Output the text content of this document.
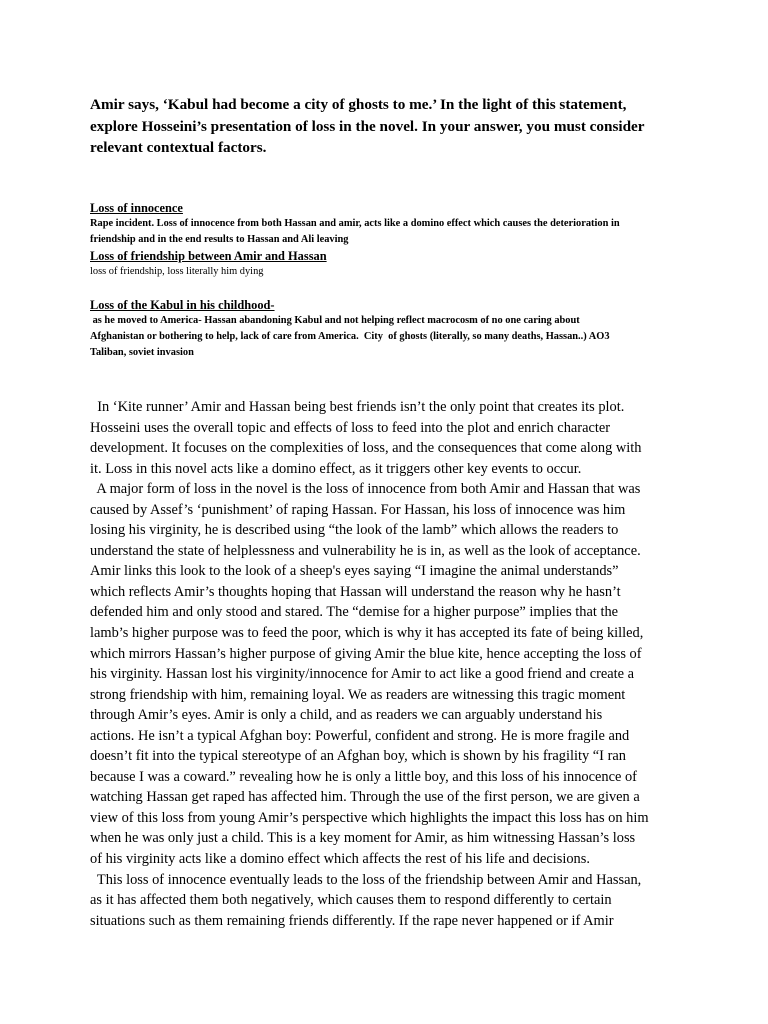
Amir says, ‘Kabul had become a city of ghosts to me.’ In the light of this statement,
explore Hosseini’s presentation of loss in the novel. In your answer, you must consider
relevant contextual factors.

Loss of innocence

Rape incident. Loss of innocence from both Hassan and amir, acts like a domino effect which causes the deterioration in

friendship and in the end results to Hassan and Ali leaving

Loss of friendship between Amir and Hassan

loss of friendship, loss literally him dying

Loss of the Kabul in his childhood-

as he moved to America- Hassan abandoning Kabul and not helping reflect macrocosm of no one caring about

Afghanistan or bothering to help, lack of care from America.  City  of ghosts (literally, so many deaths, Hassan..) AO3

Taliban, soviet invasion

In ‘Kite runner’ Amir and Hassan being best friends isn’t the only point that creates its plot.
Hosseini uses the overall topic and effects of loss to feed into the plot and enrich character
development. It focuses on the complexities of loss, and the consequences that come along with
it. Loss in this novel acts like a domino effect, as it triggers other key events to occur.
A major form of loss in the novel is the loss of innocence from both Amir and Hassan that was
caused by Assef’s ‘punishment’ of raping Hassan. For Hassan, his loss of innocence was him
losing his virginity, he is described using “the look of the lamb” which allows the readers to
understand the state of helplessness and vulnerability he is in, as well as the look of acceptance.
Amir links this look to the look of a sheep's eyes saying “I imagine the animal understands”
which reflects Amir’s thoughts hoping that Hassan will understand the reason why he hasn’t
defended him and only stood and stared. The “demise for a higher purpose” implies that the
lamb’s higher purpose was to feed the poor, which is why it has accepted its fate of being killed,
which mirrors Hassan’s higher purpose of giving Amir the blue kite, hence accepting the loss of
his virginity. Hassan lost his virginity/innocence for Amir to act like a good friend and create a
strong friendship with him, remaining loyal. We as readers are witnessing this tragic moment
through Amir’s eyes. Amir is only a child, and as readers we can arguably understand his
actions. He isn’t a typical Afghan boy: Powerful, confident and strong. He is more fragile and
doesn’t fit into the typical stereotype of an Afghan boy, which is shown by his fragility “I ran
because I was a coward.” revealing how he is only a little boy, and this loss of his innocence of
watching Hassan get raped has affected him. Through the use of the first person, we are given a
view of this loss from young Amir’s perspective which highlights the impact this loss has on him
when he was only just a child. This is a key moment for Amir, as him witnessing Hassan’s loss
of his virginity acts like a domino effect which affects the rest of his life and decisions.
This loss of innocence eventually leads to the loss of the friendship between Amir and Hassan,
as it has affected them both negatively, which causes them to respond differently to certain
situations such as them remaining friends differently. If the rape never happened or if Amir
